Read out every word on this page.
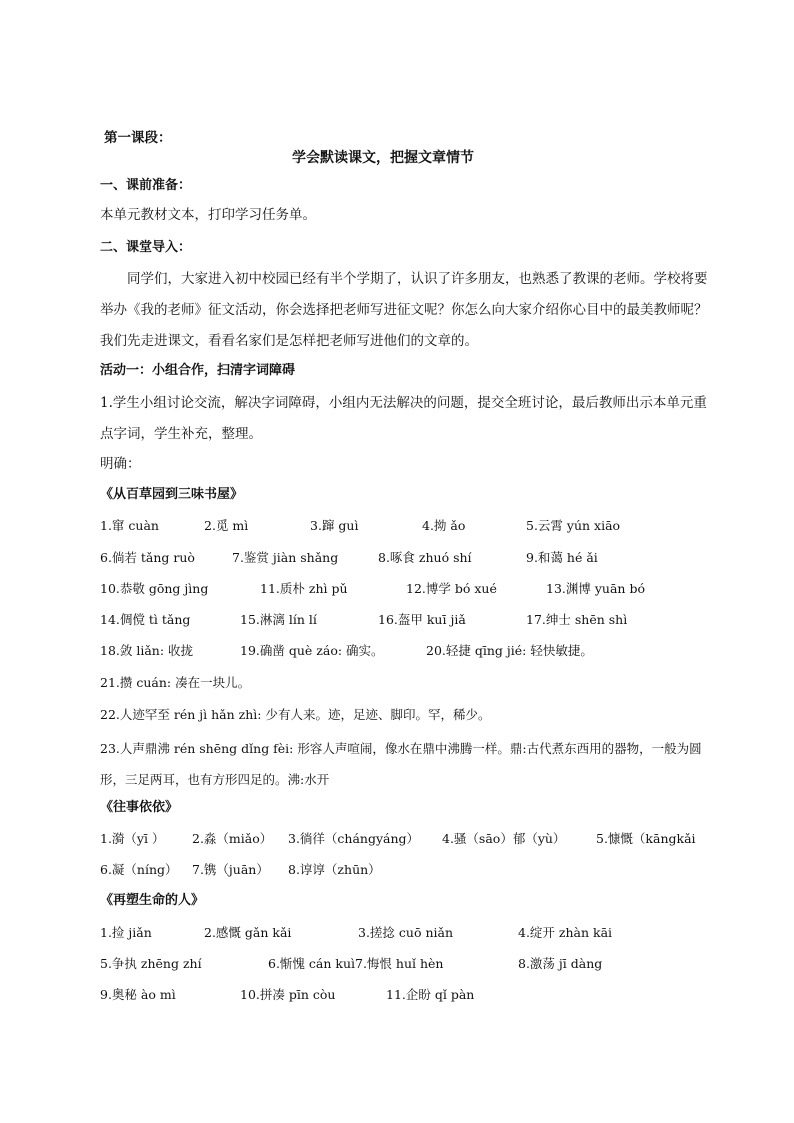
第一课段：
学会默读课文，把握文章情节
一、课前准备：
本单元教材文本，打印学习任务单。
二、课堂导入：

同学们，大家进入初中校园已经有半个学期了，认识了许多朋友，也熟悉了教课的老师。学校将要举办《我的老师》征文活动，你会选择把老师写进征文呢？你怎么向大家介绍你心目中的最美教师呢？我们先走进课文，看看名家们是怎样把老师写进他们的文章的。

活动一：小组合作，扫清字词障碍

1.学生小组讨论交流，解决字词障碍，小组内无法解决的问题，提交全班讨论，最后教师出示本单元重点字词，学生补充，整理。

明确：
《从百草园到三味书屋》
1.窜 cuàn	2.觅 mì	3.蹿 guì	4.拗 ǎo	5.云霄 yún xiāo
6.倘若 tǎng ruò	7.鉴赏 jiàn shǎng	8.啄食 zhuó shí	9.和蔼 hé ǎi
10.恭敬 gōng jìng	11.质朴 zhì pǔ	12.博学 bó xué	13.渊博 yuān bó
14.倜傥 tì tǎng	15.淋漓 lín lí	16.盔甲 kuī jiǎ	17.绅士 shēn shì
18.敛 liǎn: 收拢	19.确凿 què záo: 确实。	20.轻捷 qīng jié: 轻快敏捷。
21.攒 cuán: 凑在一块儿。
22.人迹罕至 rén jì hǎn zhì: 少有人来。迹，足迹、脚印。罕，稀少。

23.人声鼎沸 rén shēng dǐng fèi: 形容人声喧闹，像水在鼎中沸腾一样。鼎:古代煮东西用的器物，一般为圆形，三足两耳，也有方形四足的。沸:水开

《往事依依》
1.漪（yī ） 2.淼（miǎo） 3.徜徉（chángyáng） 4.骚（sāo）郁（yù） 5.慷慨（kāngkǎi
6.凝（níng） 7.镌（juān） 8.谆谆（zhūn）
《再塑生命的人》
1.捡 jiǎn	2.感慨 gǎn kǎi	3.搓捻 cuō niǎn	4.绽开 zhàn kāi
5.争执 zhēng zhí	6.惭愧 cán kuì7.悔恨 huǐ hèn	8.激荡 jī dàng
9.奥秘 ào mì	10.拼凑 pīn còu	11.企盼 qǐ pàn
